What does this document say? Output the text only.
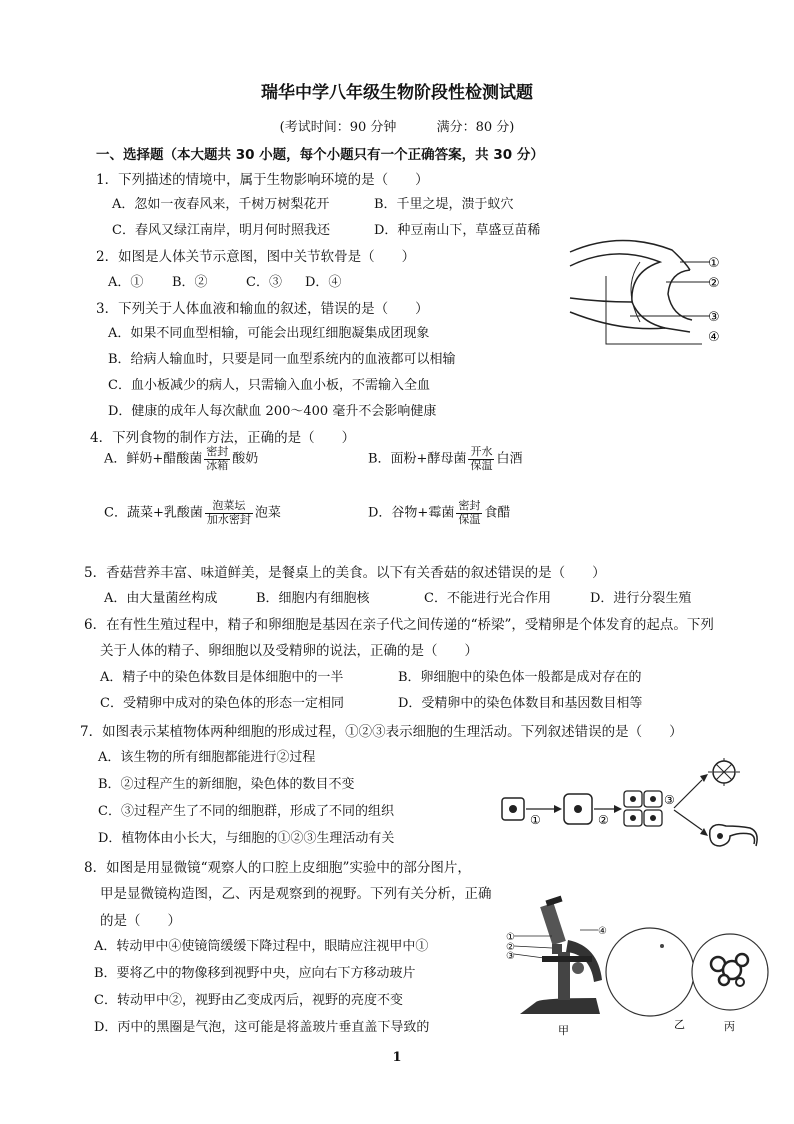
瑞华中学八年级生物阶段性检测试题
(考试时间：90 分钟	满分：80 分)
一、选择题（本大题共 30 小题，每个小题只有一个正确答案，共 30 分）
1．下列描述的情境中，属于生物影响环境的是（　　）
A．忽如一夜春风来，千树万树梨花开	B．千里之堤，溃于蚁穴
C．春风又绿江南岸，明月何时照我还	D．种豆南山下，草盛豆苗稀
2．如图是人体关节示意图，图中关节软骨是（　　）
A．① B．②	C．③ D．④
①
②
③
④
3．下列关于人体血液和输血的叙述，错误的是（　　）
A．如果不同血型相输，可能会出现红细胞凝集成团现象
B．给病人输血时，只要是同一血型系统内的血液都可以相输
C．血小板减少的病人，只需输入血小板，不需输入全血
D．健康的成年人每次献血 200～400 毫升不会影响健康
4．下列食物的制作方法，正确的是（　　）
A．鲜奶+醋酸菌 $\frac{\text{密封}}{\text{冰箱}}$ 酸奶	B．面粉+酵母菌 $\frac{\text{开水}}{\text{保温}}$ 白酒
C．蔬菜+乳酸菌 $\frac{\text{泡菜坛}}{\text{加水密封}}$ 泡菜	D．谷物+霉菌 $\frac{\text{密封}}{\text{保温}}$ 食醋
5．香菇营养丰富、味道鲜美，是餐桌上的美食。以下有关香菇的叙述错误的是（　　）
A．由大量菌丝构成	B．细胞内有细胞核	C．不能进行光合作用	D．进行分裂生殖
6．在有性生殖过程中，精子和卵细胞是基因在亲子代之间传递的“桥梁”，受精卵是个体发育的起点。下列
关于人体的精子、卵细胞以及受精卵的说法，正确的是（　　）
A．精子中的染色体数目是体细胞中的一半	B．卵细胞中的染色体一般都是成对存在的
C．受精卵中成对的染色体的形态一定相同	D．受精卵中的染色体数目和基因数目相等
7．如图表示某植物体两种细胞的形成过程，①②③表示细胞的生理活动。下列叙述错误的是（　　）
A．该生物的所有细胞都能进行②过程
B．②过程产生的新细胞，染色体的数目不变
C．③过程产生了不同的细胞群，形成了不同的组织
D．植物体由小长大，与细胞的①②③生理活动有关
①	②
③
8．如图是用显微镜“观察人的口腔上皮细胞”实验中的部分图片，
甲是显微镜构造图，乙、丙是观察到的视野。下列有关分析，正确
的是（　　）
A．转动甲中④使镜筒缓缓下降过程中，眼睛应注视甲中①
B．要将乙中的物像移到视野中央，应向右下方移动玻片
C．转动甲中②，视野由乙变成丙后，视野的亮度不变
D．丙中的黑圈是气泡，这可能是将盖玻片垂直盖下导致的
①
②
③
④
甲	乙	丙
1
